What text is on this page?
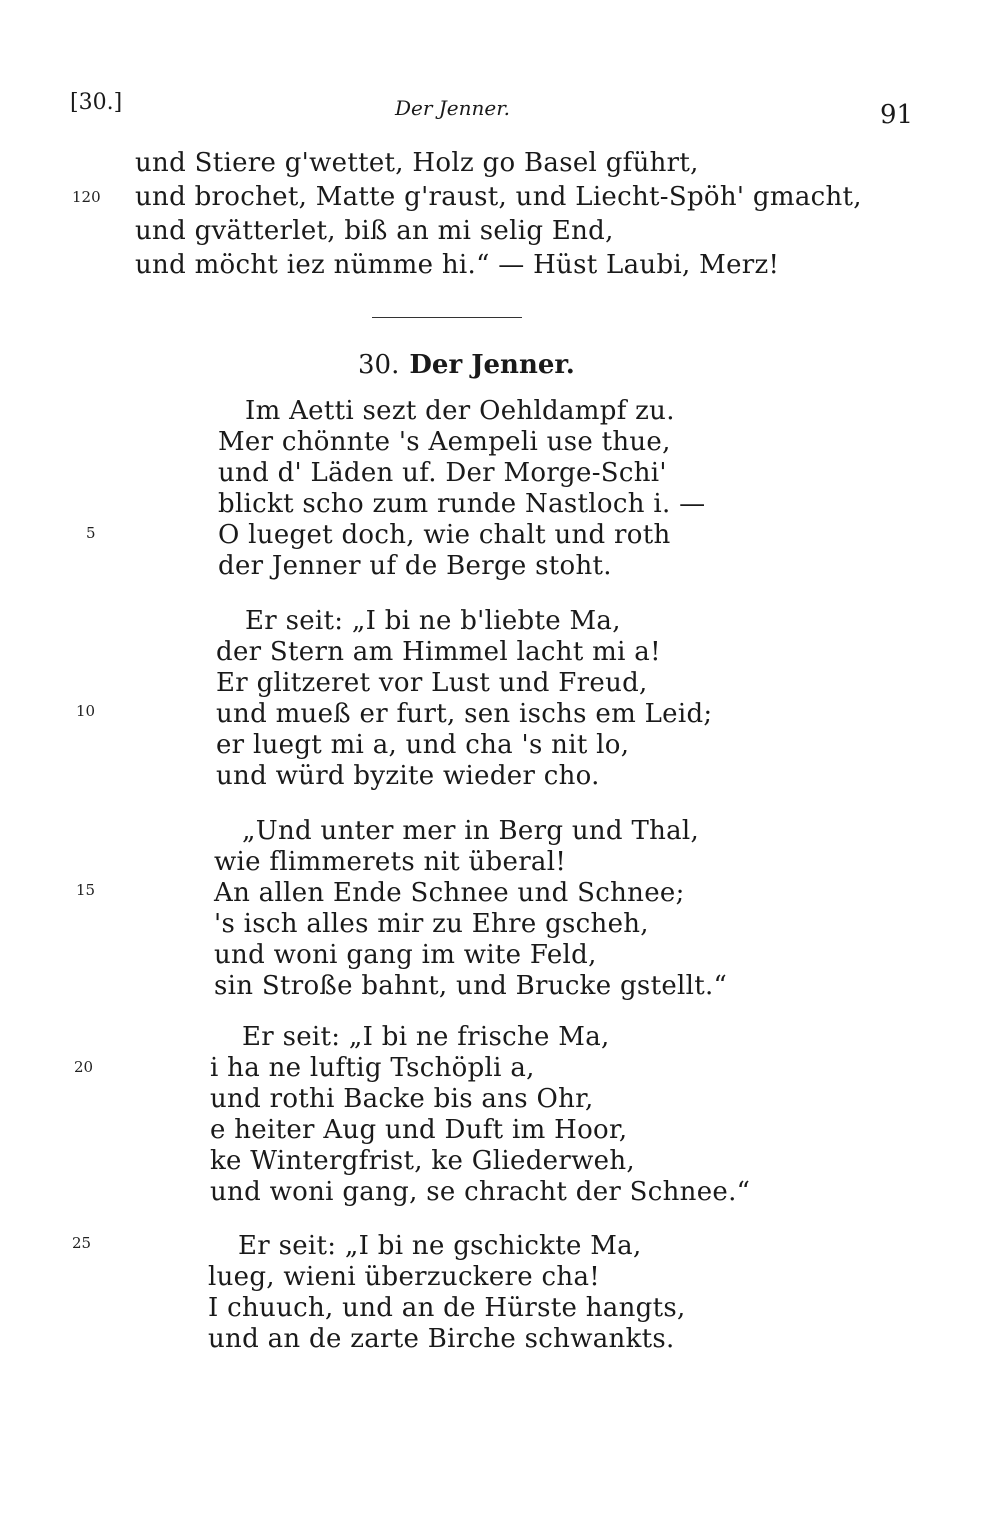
[30.]	Der Jenner.	91
und Stiere g'wettet, Holz go Basel gführt,
120 und brochet, Matte g'raust, und Liecht-Spöh' gmacht,
und gvätterlet, biß an mi selig End,
und möcht iez nümme hi.“ — Hüst Laubi, Merz!
30. Der Jenner.
Im Aetti sezt der Oehldampf zu.
Mer chönnte 's Aempeli use thue,
und d' Läden uf. Der Morge-Schi'
blickt scho zum runde Nastloch i. —
5	O lueget doch, wie chalt und roth
der Jenner uf de Berge stoht.
Er seit: „I bi ne b'liebte Ma,
der Stern am Himmel lacht mi a!
Er glitzeret vor Lust und Freud,
10	und mueß er furt, sen ischs em Leid;
er luegt mi a, und cha 's nit lo,
und würd byzite wieder cho.
„Und unter mer in Berg und Thal,
wie flimmerets nit überal!
15	An allen Ende Schnee und Schnee;
's isch alles mir zu Ehre gscheh,
und woni gang im wite Feld,
sin Stroße bahnt, und Brucke gstellt.“
Er seit: „I bi ne frische Ma,
20	i ha ne luftig Tschöpli a,
und rothi Backe bis ans Ohr,
e heiter Aug und Duft im Hoor,
ke Wintergfrist, ke Gliederweh,
und woni gang, se chracht der Schnee.“
25	Er seit: „I bi ne gschickte Ma,
lueg, wieni überzuckere cha!
I chuuch, und an de Hürste hangts,
und an de zarte Birche schwankts.
